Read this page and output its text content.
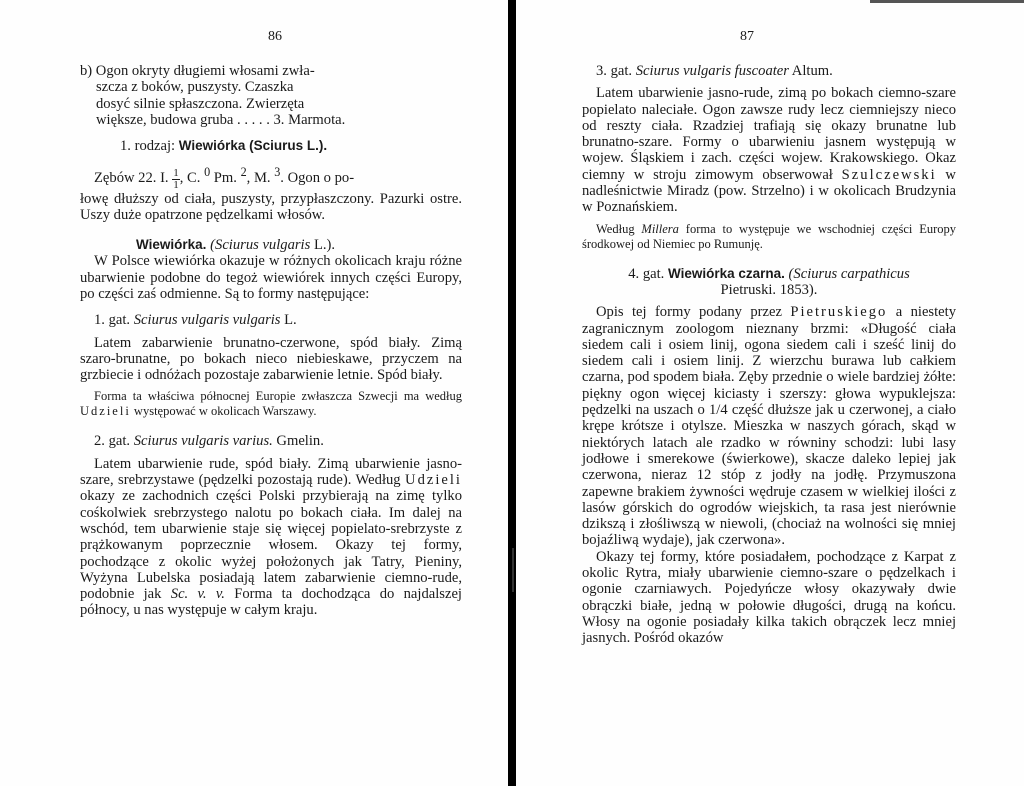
86

b) Ogon okryty długiemi włosami zwła-

szcza z boków, puszysty. Czaszka

dosyć silnie spłaszczona. Zwierzęta

większe, budowa gruba . . . . . 3. Marmota.

1. rodzaj: Wiewiórka (Sciurus L.).

Zębów 22. I. $\frac{1}{1}$ , C. $^0$ Pm. $^2$, M. $^3$. Ogon o po-

łowę dłuższy od ciała, puszysty, przypłaszczony. Pazurki ostre. Uszy duże opatrzone pędzelkami włosów.

Wiewiórka. (Sciurus vulgaris L.).

W Polsce wiewiórka okazuje w różnych okolicach kraju różne ubarwienie podobne do tegoż wiewiórek innych części Europy, po części zaś odmienne. Są to formy następujące:

1. gat. Sciurus vulgaris vulgaris L.

Latem zabarwienie brunatno-czerwone, spód biały. Zimą szaro-brunatne, po bokach nieco niebieskawe, przyczem na grzbiecie i odnóżach pozostaje zabarwienie letnie. Spód biały.

Forma ta właściwa północnej Europie zwłaszcza Szwecji ma według Udzieli występować w okolicach Warszawy.

2. gat. Sciurus vulgaris varius. Gmelin.

Latem ubarwienie rude, spód biały. Zimą ubarwienie jasno-szare, srebrzystawe (pędzelki pozostają rude). Według Udzieli okazy ze zachodnich części Polski przybierają na zimę tylko cośkolwiek srebrzystego nalotu po bokach ciała. Im dalej na wschód, tem ubarwienie staje się więcej popielato-srebrzyste z prążkowanym poprzecznie włosem. Okazy tej formy, pochodzące z okolic wyżej położonych jak Tatry, Pieniny, Wyżyna Lubelska posiadają latem zabarwienie ciemno-rude, podobnie jak Sc. v. v. Forma ta dochodząca do najdalszej północy, u nas występuje w całym kraju.

87

3. gat. Sciurus vulgaris fuscoater Altum.

Latem ubarwienie jasno-rude, zimą po bokach ciemno-szare popielato naleciałe. Ogon zawsze rudy lecz ciemniejszy nieco od reszty ciała. Rzadziej trafiają się okazy brunatne lub brunatno-szare. Formy o ubarwieniu jasnem występują w wojew. Śląskiem i zach. części wojew. Krakowskiego. Okaz ciemny w stroju zimowym obserwował Szulczewski w nadleśnictwie Miradz (pow. Strzelno) i w okolicach Brudzynia w Poznańskiem.

Według Millera forma to występuje we wschodniej części Europy środkowej od Niemiec po Rumunję.

4. gat. Wiewiórka czarna. (Sciurus carpathicus

Pietruski. 1853).

Opis tej formy podany przez Pietruskiego a niestety zagranicznym zoologom nieznany brzmi: «Długość ciała siedem cali i osiem linij, ogona siedem cali i sześć linij do siedem cali i osiem linij. Z wierzchu burawa lub całkiem czarna, pod spodem biała. Zęby przednie o wiele bardziej żółte: piękny ogon więcej kiciasty i szerszy: głowa wypuklejsza: pędzelki na uszach o 1/4 część dłuższe jak u czerwonej, a ciało krępe krótsze i otylsze. Mieszka w naszych górach, skąd w niektórych latach ale rzadko w równiny schodzi: lubi lasy jodłowe i smerekowe (świerkowe), skacze daleko lepiej jak czerwona, nieraz 12 stóp z jodły na jodłę. Przymuszona zapewne brakiem żywności wędruje czasem w wielkiej ilości z lasów górskich do ogrodów wiejskich, ta rasa jest nierównie dzikszą i złośliwszą w niewoli, (chociaż na wolności się mniej bojaźliwą wydaje), jak czerwona».

Okazy tej formy, które posiadałem, pochodzące z Karpat z okolic Rytra, miały ubarwienie ciemno-szare o pędzelkach i ogonie czarniawych. Pojedyńcze włosy okazywały dwie obrączki białe, jedną w połowie długości, drugą na końcu. Włosy na ogonie posiadały kilka takich obrączek lecz mniej jasnych. Pośród okazów
